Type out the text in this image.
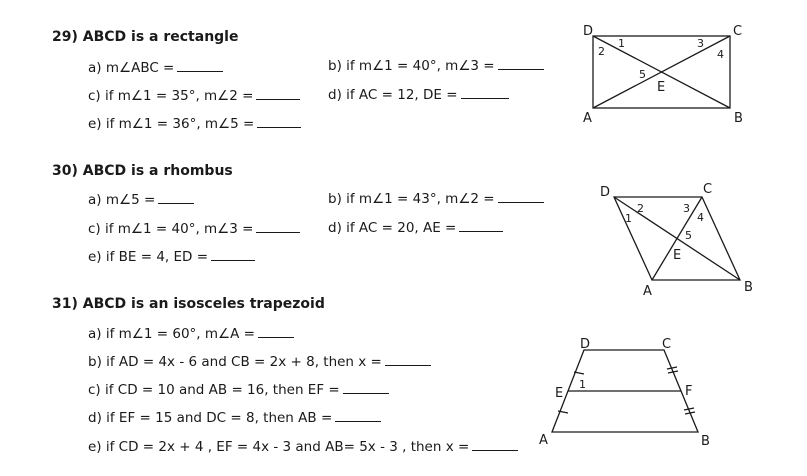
29) ABCD is a rectangle
a) m∠ABC =	b) if m∠1 = 40°, m∠3 =
c) if m∠1 = 35°, m∠2 =	d) if AC = 12, DE =
e) if m∠1 = 36°, m∠5 =
30) ABCD is a rhombus
a) m∠5 =	b) if m∠1 = 43°, m∠2 =
c) if m∠1 = 40°, m∠3 =	d) if AC = 20, AE =
e) if BE = 4, ED =
31) ABCD is an isosceles trapezoid
a) if m∠1 = 60°, m∠A =
b) if AD = 4x - 6 and CB = 2x + 8, then x =
c) if CD = 10 and AB = 16, then EF =
d) if EF = 15 and DC = 8, then AB =
e) if CD = 2x + 4 , EF = 4x - 3 and AB= 5x - 3 , then x =
D	C
A	B
E
1
2
3
4
5
D	C
A	B
E
1
2	3
4
5
D	C
E	F
A	B
1
